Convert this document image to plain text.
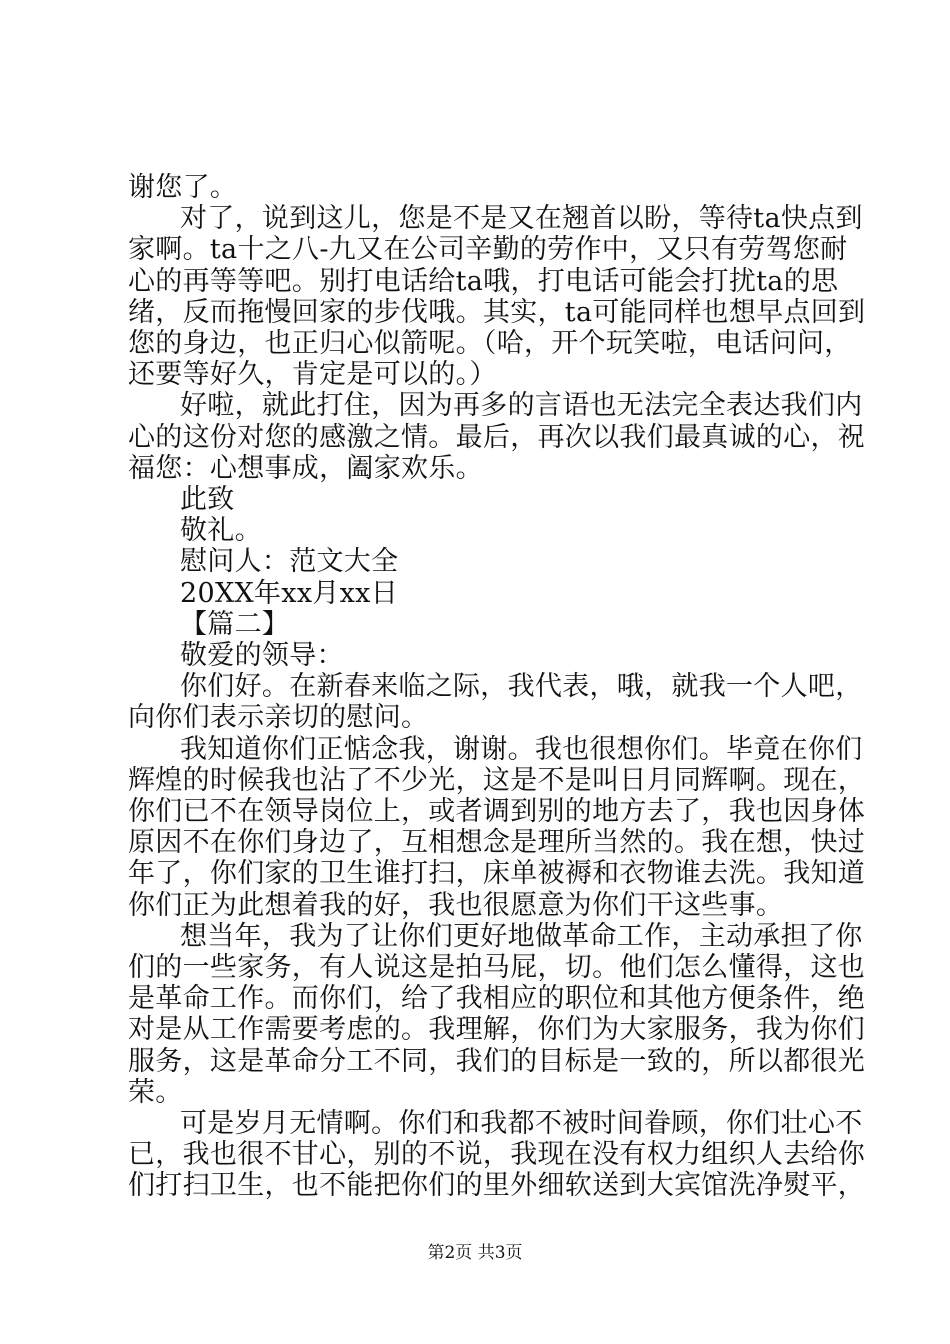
谢您了。
对了，说到这儿，您是不是又在翘首以盼，等待ta快点到
家啊。ta十之八-九又在公司辛勤的劳作中，又只有劳驾您耐
心的再等等吧。别打电话给ta哦，打电话可能会打扰ta的思
绪，反而拖慢回家的步伐哦。其实，ta可能同样也想早点回到
您的身边，也正归心似箭呢。（哈，开个玩笑啦，电话问问，
还要等好久，肯定是可以的。）
好啦，就此打住，因为再多的言语也无法完全表达我们内
心的这份对您的感激之情。最后，再次以我们最真诚的心，祝
福您：心想事成，阖家欢乐。
此致
敬礼。
慰问人：范文大全
20XX年xx月xx日
【篇二】
敬爱的领导：
你们好。在新春来临之际，我代表，哦，就我一个人吧，
向你们表示亲切的慰问。
我知道你们正惦念我，谢谢。我也很想你们。毕竟在你们
辉煌的时候我也沾了不少光，这是不是叫日月同辉啊。现在，
你们已不在领导岗位上，或者调到别的地方去了，我也因身体
原因不在你们身边了，互相想念是理所当然的。我在想，快过
年了，你们家的卫生谁打扫，床单被褥和衣物谁去洗。我知道
你们正为此想着我的好，我也很愿意为你们干这些事。
想当年，我为了让你们更好地做革命工作，主动承担了你
们的一些家务，有人说这是拍马屁，切。他们怎么懂得，这也
是革命工作。而你们，给了我相应的职位和其他方便条件，绝
对是从工作需要考虑的。我理解，你们为大家服务，我为你们
服务，这是革命分工不同，我们的目标是一致的，所以都很光
荣。
可是岁月无情啊。你们和我都不被时间眷顾，你们壮心不
已，我也很不甘心，别的不说，我现在没有权力组织人去给你
们打扫卫生，也不能把你们的里外细软送到大宾馆洗净熨平，
第2页 共3页
